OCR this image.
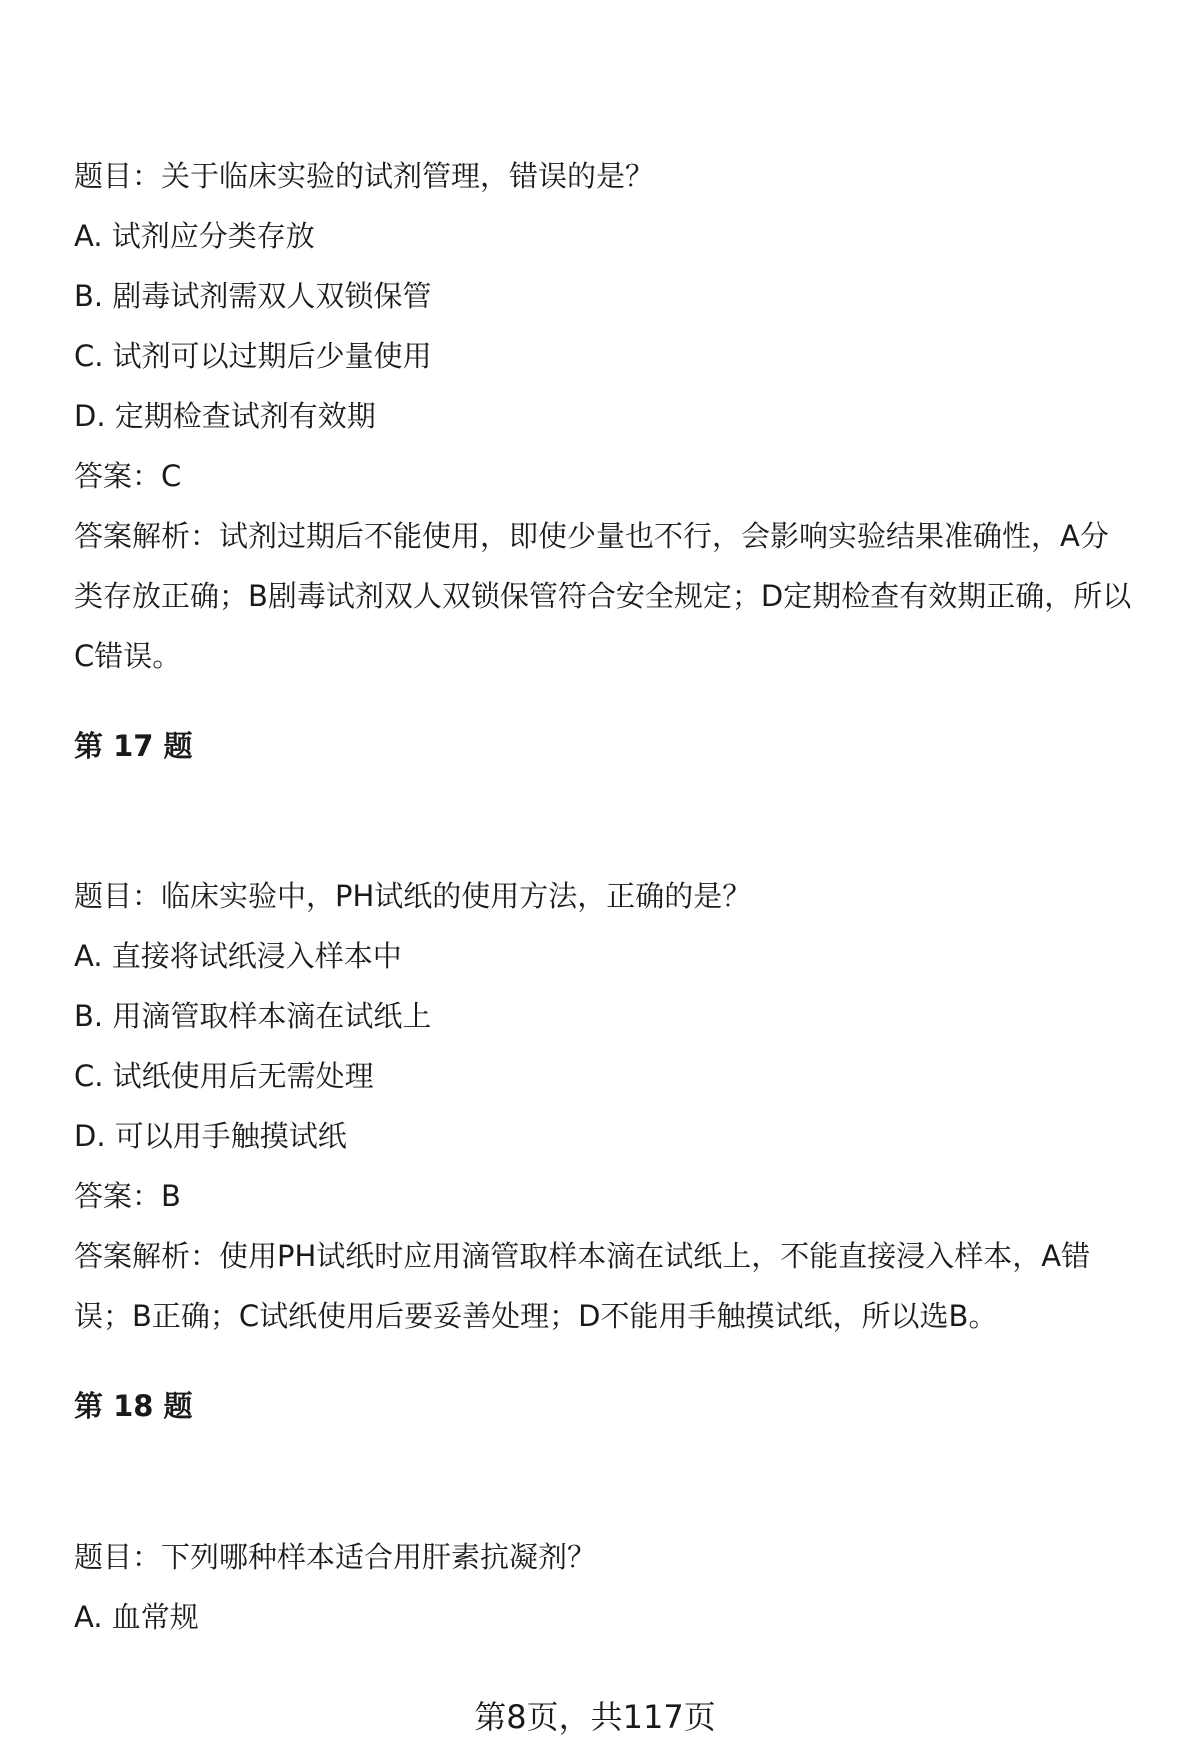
题目：关于临床实验的试剂管理，错误的是？
A. 试剂应分类存放
B. 剧毒试剂需双人双锁保管
C. 试剂可以过期后少量使用
D. 定期检查试剂有效期
答案：C
答案解析：试剂过期后不能使用，即使少量也不行，会影响实验结果准确性，A分
类存放正确；B剧毒试剂双人双锁保管符合安全规定；D定期检查有效期正确，所以
C错误。
第 17 题
题目：临床实验中，PH试纸的使用方法，正确的是？
A. 直接将试纸浸入样本中
B. 用滴管取样本滴在试纸上
C. 试纸使用后无需处理
D. 可以用手触摸试纸
答案：B
答案解析：使用PH试纸时应用滴管取样本滴在试纸上，不能直接浸入样本，A错
误；B正确；C试纸使用后要妥善处理；D不能用手触摸试纸，所以选B。
第 18 题
题目：下列哪种样本适合用肝素抗凝剂？
A. 血常规
第8页，共117页
